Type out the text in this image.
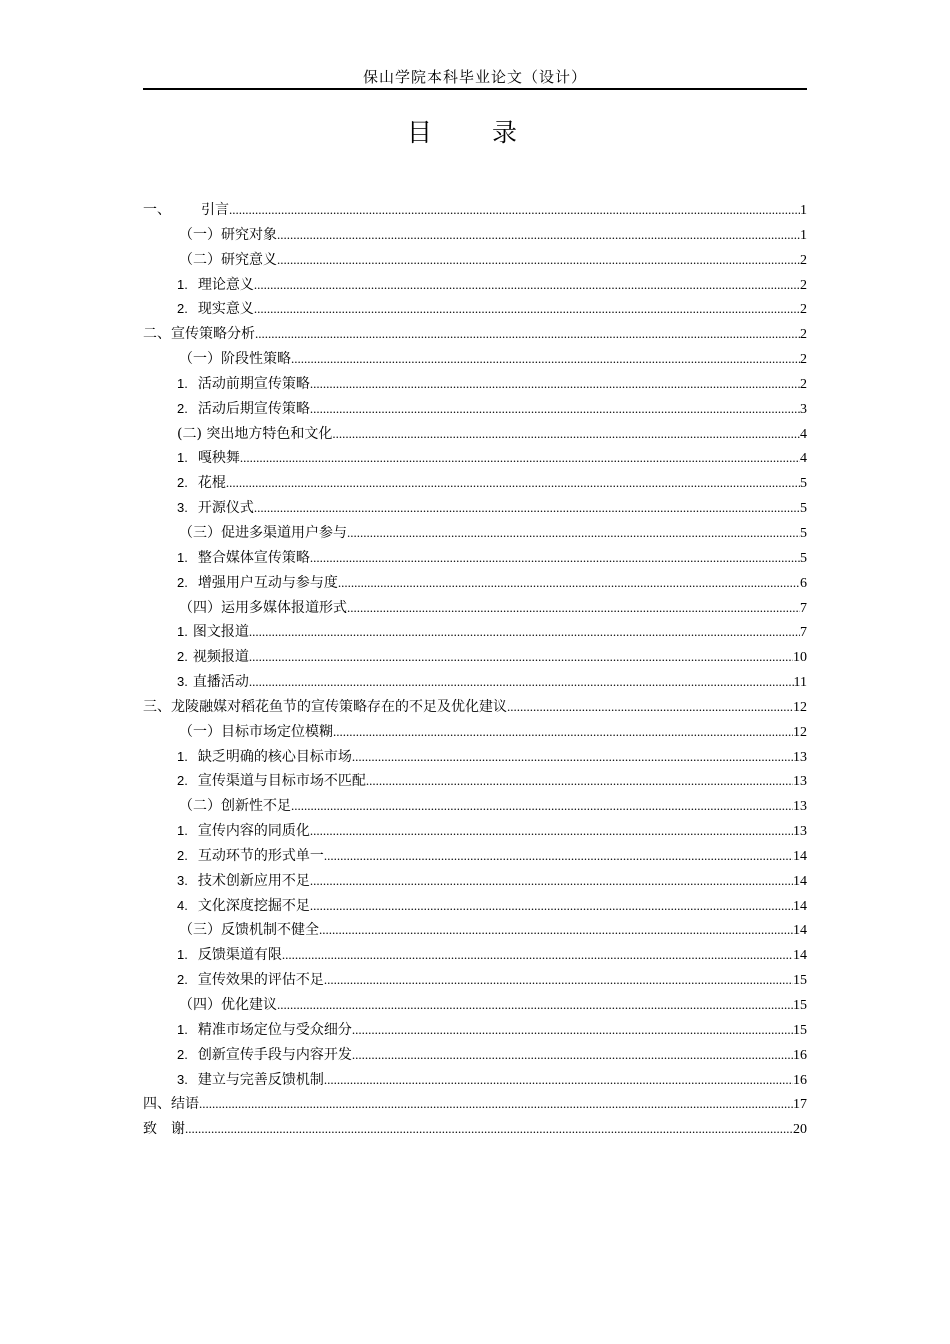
保山学院本科毕业论文（设计）
目 录
一、 引言 .....	1
（一）研究对象 .....	1
（二）研究意义 .....	2
1. 理论意义 .....	2
2. 现实意义 .....	2
二、宣传策略分析 .....	2
（一）阶段性策略 .....	2
1. 活动前期宣传策略 .....	2
2. 活动后期宣传策略 .....	3
(二) 突出地方特色和文化 .....	4
1. 嘎秧舞 .....	4
2. 花棍 .....	5
3. 开源仪式 .....	5
（三）促进多渠道用户参与 .....	5
1. 整合媒体宣传策略 .....	5
2. 增强用户互动与参与度 .....	6
（四）运用多媒体报道形式 .....	7
1. 图文报道 .....	7
2. 视频报道 .....	10
3. 直播活动 .....	11
三、龙陵融媒对稻花鱼节的宣传策略存在的不足及优化建议 .....	12
（一）目标市场定位模糊 .....	12
1. 缺乏明确的核心目标市场 .....	13
2. 宣传渠道与目标市场不匹配 .....	13
（二）创新性不足 .....	13
1. 宣传内容的同质化 .....	13
2. 互动环节的形式单一 .....	14
3. 技术创新应用不足 .....	14
4. 文化深度挖掘不足 .....	14
（三）反馈机制不健全 .....	14
1. 反馈渠道有限 .....	14
2. 宣传效果的评估不足 .....	15
（四）优化建议 .....	15
1. 精准市场定位与受众细分 .....	15
2. 创新宣传手段与内容开发 .....	16
3. 建立与完善反馈机制 .....	16
四、结语 .....	17
致　谢 .....	20
